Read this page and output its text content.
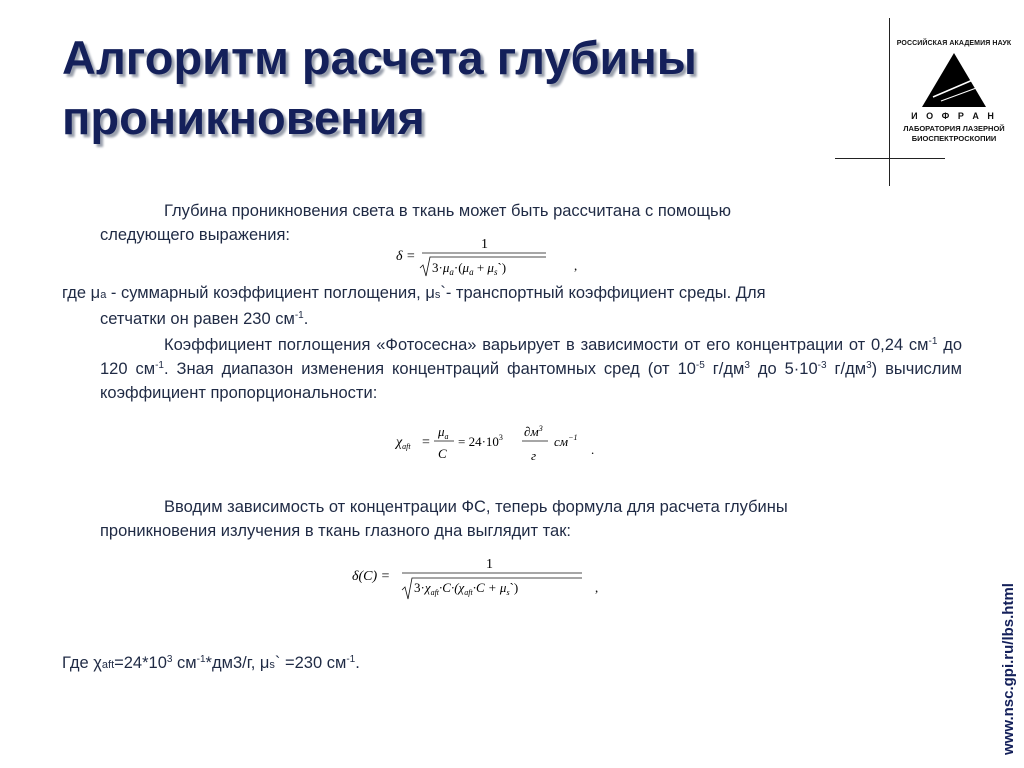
Алгоритм расчета глубины
проникновения
РОССИЙСКАЯ АКАДЕМИЯ НАУК
И О Ф Р А Н
ЛАБОРАТОРИЯ ЛАЗЕРНОЙ
БИОСПЕКТРОСКОПИИ
www.nsc.gpi.ru/lbs.html
Глубина проникновения света в ткань может быть рассчитана с помощью
следующего выражения:
δ =
1
$3\cdot\mu_a\cdot(\mu_a$ + $\mu_s`$)	,
где μa - суммарный коэффициент поглощения, μs`- транспортный коэффициент среды. Для
сетчатки он равен 230 $см^{-1}$.
Коэффициент поглощения «Фотосесна» варьирует в зависимости от его концентрации от 0,24 $см^{-1}$ до 120 $см^{-1}$. Зная диапазон изменения концентраций фантомных сред (от $10^{-5}$ $г/дм^3$ до $5\cdot 10^{-3}$ $г/дм^3$) вычислим коэффициент пропорциональности:
$\chi_{aft}$ =
$\mu_a$
C
= $24\cdot 10^3$ $\partial м^3$
г
$см^{-1}$
.
Вводим зависимость от концентрации ФС, теперь формула для расчета глубины
проникновения излучения в ткань глазного дна выглядит так:
δ(C) =
1
$3\cdot\chi_{aft}\cdot C\cdot(\chi_{aft}\cdot C$ + $\mu_s`$)	,
Где $\chi aft=24*10^3$ $см^{-1}*дм3/г$, μs` =230 $см^{-1}$.
